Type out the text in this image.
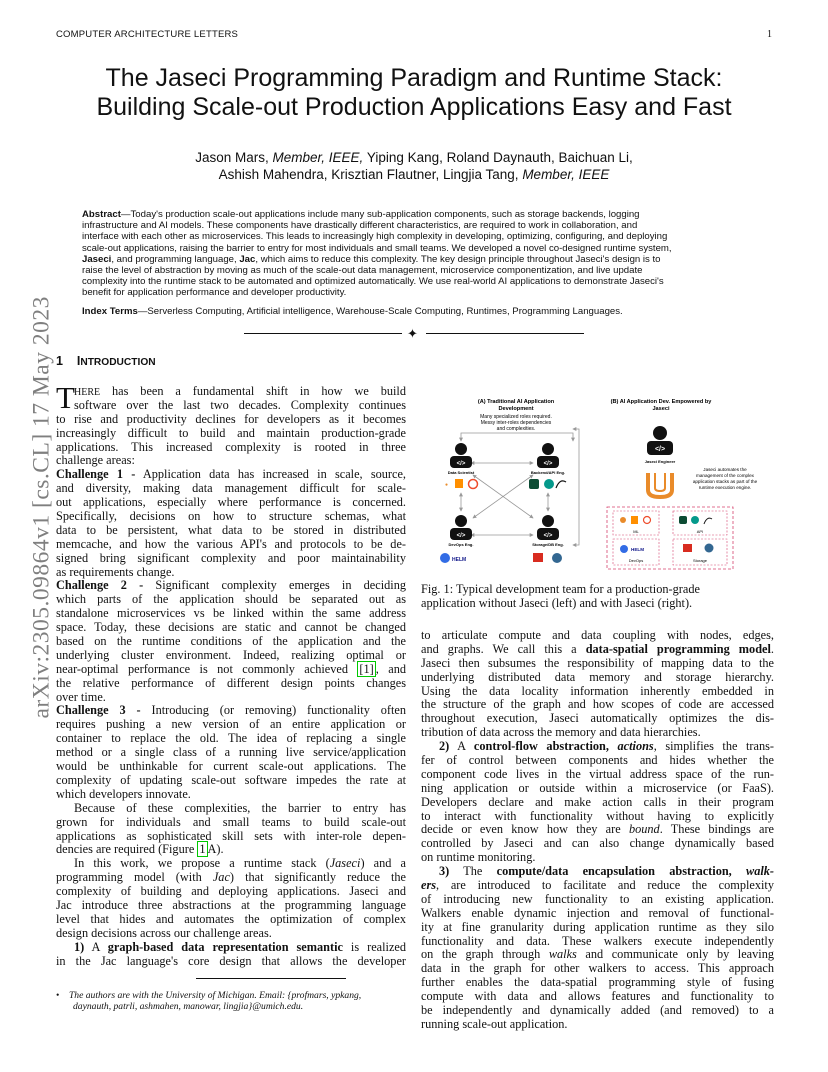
COMPUTER ARCHITECTURE LETTERS	1
arXiv:2305.09864v1 [cs.CL] 17 May 2023
The Jaseci Programming Paradigm and Runtime Stack:
Building Scale-out Production Applications Easy and Fast
Jason Mars, Member, IEEE, Yiping Kang, Roland Daynauth, Baichuan Li,
Ashish Mahendra, Krisztian Flautner, Lingjia Tang, Member, IEEE
Abstract—Today's production scale-out applications include many sub-application components, such as storage backends, logging
infrastructure and AI models. These components have drastically different characteristics, are required to work in collaboration, and
interface with each other as microservices. This leads to increasingly high complexity in developing, optimizing, configuring, and deploying
scale-out applications, raising the barrier to entry for most individuals and small teams. We developed a novel co-designed runtime system,
Jaseci, and programming language, Jac, which aims to reduce this complexity. The key design principle throughout Jaseci's design is to
raise the level of abstraction by moving as much of the scale-out data management, microservice componentization, and live update
complexity into the runtime stack to be automated and optimized automatically. We use real-world AI applications to demonstrate Jaseci's
benefit for application performance and developer productivity.
Index Terms—Serverless Computing, Artificial intelligence, Warehouse-Scale Computing, Runtimes, Programming Languages.
✦
1 INTRODUCTION
T HERE has been a fundamental shift in how we build
software over the last two decades. Complexity continues
to rise and productivity declines for developers as it becomes
increasingly difficult to build and maintain production-grade
applications. This increased complexity is rooted in three
challenge areas:
Challenge 1 - Application data has increased in scale, source,
and diversity, making data management difficult for scale-
out applications, especially where performance is concerned.
Specifically, decisions on how to structure schemas, what
data to be persistent, what data to be stored in distributed
memcache, and how the various API's and protocols to be de-
signed bring significant complexity and poor maintainability
as requirements change.
Challenge 2 - Significant complexity emerges in deciding
which parts of the application should be separated out as
standalone microservices vs be linked within the same address
space. Today, these decisions are static and cannot be changed
based on the runtime conditions of the application and the
underlying cluster environment. Indeed, realizing optimal or
near-optimal performance is not commonly achieved [1] , and
the relative performance of different design points changes
over time.
Challenge 3 - Introducing (or removing) functionality often
requires pushing a new version of an entire application or
container to replace the old. The idea of replacing a single
method or a single class of a running live service/application
would be unthinkable for current scale-out applications. The
complexity of updating scale-out software impedes the rate at
which developers innovate.
Because of these complexities, the barrier to entry has
grown for individuals and small teams to build scale-out
applications as sophisticated skill sets with inter-role depen-
dencies are required (Figure 1 A).
In this work, we propose a runtime stack (Jaseci) and a
programming model (with Jac) that significantly reduce the
complexity of building and deploying applications. Jaseci and
Jac introduce three abstractions at the programming language
level that hides and automates the optimization of complex
design decisions across our challenge areas.
1) A graph-based data representation semantic is realized
in the Jac language's core design that allows the developer
• The authors are with the University of Michigan. Email: {profmars, ypkang,
daynauth, patrli, ashmahen, manowar, lingjia}@umich.edu.
(A) Traditional AI Application
Development
Many specialized roles required.
Messy inter-roles dependencies
and complexities.
(B) AI Application Dev. Empowered by
Jaseci
</>
Data Scientist
</>
Backend/API Eng.
</>
DevOps Eng.
</>
Storage/DB Eng.
●
HELM
</>
Jaseci Engineer
Jaseci automates the
management of the complex
application stacks as part of the
runtime execution engine.
ML	API
HELM
DevOps	Storage
Fig. 1: Typical development team for a production-grade
application without Jaseci (left) and with Jaseci (right).
to articulate compute and data coupling with nodes, edges,
and graphs. We call this a data-spatial programming model.
Jaseci then subsumes the responsibility of mapping data to the
underlying distributed data memory and storage hierarchy.
Using the data locality information inherently embedded in
the structure of the graph and how scopes of code are accessed
throughout execution, Jaseci automatically optimizes the dis-
tribution of data across the memory and data hierarchies.
2) A control-flow abstraction, actions, simplifies the trans-
fer of control between components and hides whether the
component code lives in the virtual address space of the run-
ning application or outside within a microservice (or FaaS).
Developers declare and make action calls in their program
to interact with functionality without having to explicitly
decide or even know how they are bound. These bindings are
controlled by Jaseci and can also change dynamically based
on runtime monitoring.
3) The compute/data encapsulation abstraction, walk-
ers, are introduced to facilitate and reduce the complexity
of introducing new functionality to an existing application.
Walkers enable dynamic injection and removal of functional-
ity at fine granularity during application runtime as they silo
functionality and data. These walkers execute independently
on the graph through walks and communicate only by leaving
data in the graph for other walkers to access. This approach
further enables the data-spatial programming style of fusing
compute with data and allows features and functionality to
be independently and dynamically added (and removed) to a
running scale-out application.
